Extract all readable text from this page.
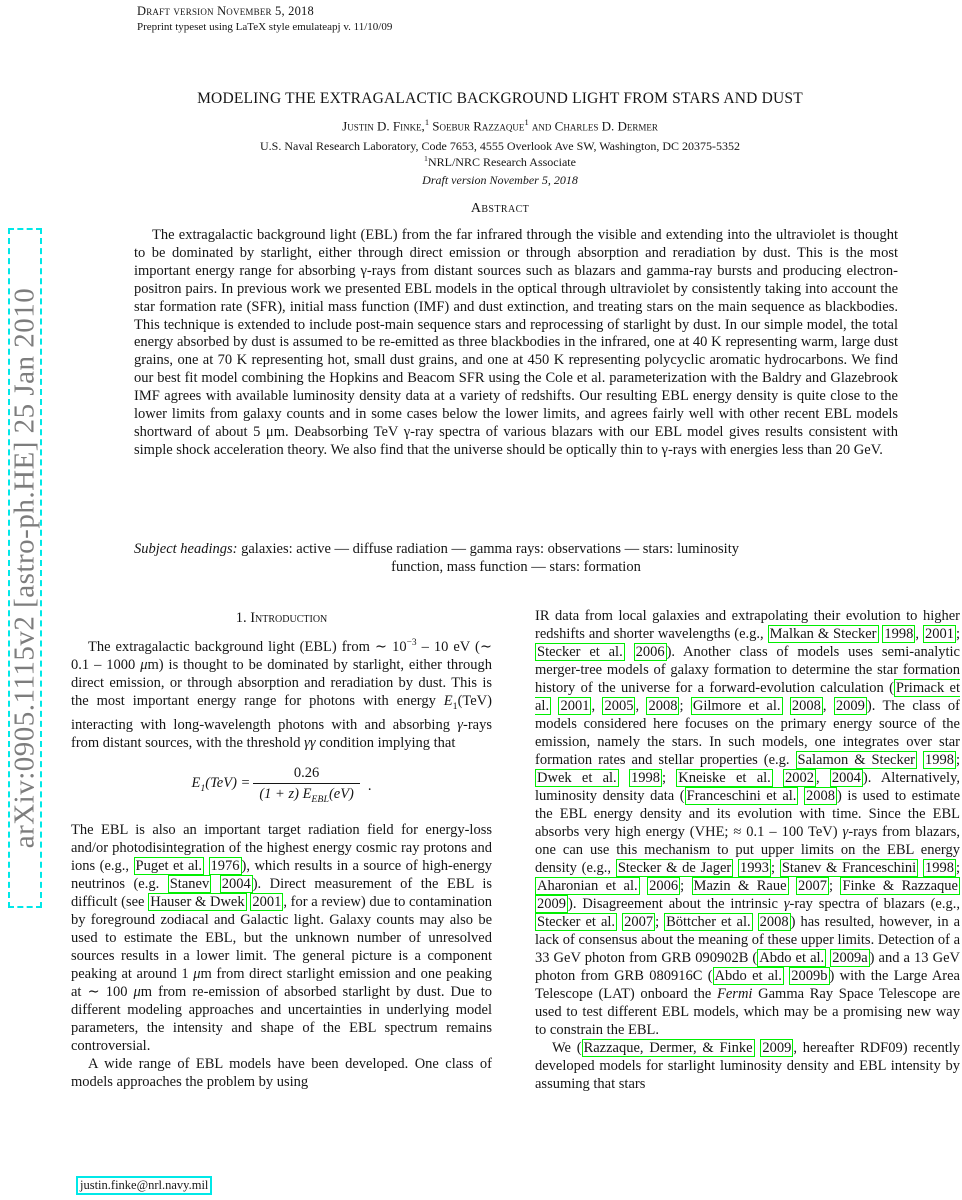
Draft version November 5, 2018
Preprint typeset using LaTeX style emulateapj v. 11/10/09
arXiv:0905.1115v2 [astro-ph.HE] 25 Jan 2010
MODELING THE EXTRAGALACTIC BACKGROUND LIGHT FROM STARS AND DUST
Justin D. Finke,$^1$ Soebur Razzaque$^1$ and Charles D. Dermer
U.S. Naval Research Laboratory, Code 7653, 4555 Overlook Ave SW, Washington, DC 20375-5352
$^1$NRL/NRC Research Associate
Draft version November 5, 2018
Abstract

The extragalactic background light (EBL) from the far infrared through the visible and extending into the ultraviolet is thought to be dominated by starlight, either through direct emission or through absorption and reradiation by dust. This is the most important energy range for absorbing γ-rays from distant sources such as blazars and gamma-ray bursts and producing electron-positron pairs. In previous work we presented EBL models in the optical through ultraviolet by consistently taking into account the star formation rate (SFR), initial mass function (IMF) and dust extinction, and treating stars on the main sequence as blackbodies. This technique is extended to include post-main sequence stars and reprocessing of starlight by dust. In our simple model, the total energy absorbed by dust is assumed to be re-emitted as three blackbodies in the infrared, one at 40 K representing warm, large dust grains, one at 70 K representing hot, small dust grains, and one at 450 K representing polycyclic aromatic hydrocarbons. We find our best fit model combining the Hopkins and Beacom SFR using the Cole et al. parameterization with the Baldry and Glazebrook IMF agrees with available luminosity density data at a variety of redshifts. Our resulting EBL energy density is quite close to the lower limits from galaxy counts and in some cases below the lower limits, and agrees fairly well with other recent EBL models shortward of about 5 μm. Deabsorbing TeV γ-ray spectra of various blazars with our EBL model gives results consistent with simple shock acceleration theory. We also find that the universe should be optically thin to γ-rays with energies less than 20 GeV.

Subject headings: galaxies: active — diffuse radiation — gamma rays: observations — stars: luminosity
function, mass function — stars: formation
1. Introduction

The extragalactic background light (EBL) from ∼ $10^{-3} - 10$ eV (∼ 0.1 – 1000 μm) is thought to be dominated by starlight, either through direct emission, or through absorption and reradiation by dust. This is the most important energy range for photons with energy $E_1(TeV)$ interacting with long-wavelength photons with and absorbing γ-rays from distant sources, with the threshold γγ condition implying that

$E_1(TeV) = \frac{0.26}{(1 + z) E_{EBL}(eV)}$ .

The EBL is also an important target radiation field for energy-loss and/or photodisintegration of the highest energy cosmic ray protons and ions (e.g., Puget et al. 1976 ), which results in a source of high-energy neutrinos (e.g. Stanev 2004 ). Direct measurement of the EBL is difficult (see Hauser & Dwek 2001 , for a review) due to contamination by foreground zodiacal and Galactic light. Galaxy counts may also be used to estimate the EBL, but the unknown number of unresolved sources results in a lower limit. The general picture is a component peaking at around 1 μm from direct starlight emission and one peaking at ∼ 100 μm from re-emission of absorbed starlight by dust. Due to different modeling approaches and uncertainties in underlying model parameters, the intensity and shape of the EBL spectrum remains controversial.

A wide range of EBL models have been developed. One class of models approaches the problem by using

IR data from local galaxies and extrapolating their evolution to higher redshifts and shorter wavelengths (e.g., Malkan & Stecker 1998 , 2001 ; Stecker et al. 2006 ). Another class of models uses semi-analytic merger-tree models of galaxy formation to determine the star formation history of the universe for a forward-evolution calculation ( Primack et al. 2001 , 2005 , 2008 ; Gilmore et al. 2008 , 2009 ). The class of models considered here focuses on the primary energy source of the emission, namely the stars. In such models, one integrates over star formation rates and stellar properties (e.g. Salamon & Stecker 1998 ; Dwek et al. 1998 ; Kneiske et al. 2002 , 2004 ). Alternatively, luminosity density data ( Franceschini et al. 2008 ) is used to estimate the EBL energy density and its evolution with time. Since the EBL absorbs very high energy (VHE; ≈ 0.1 – 100 TeV) γ-rays from blazars, one can use this mechanism to put upper limits on the EBL energy density (e.g., Stecker & de Jager 1993 ; Stanev & Franceschini 1998 ; Aharonian et al. 2006 ; Mazin & Raue 2007 ; Finke & Razzaque 2009 ). Disagreement about the intrinsic γ-ray spectra of blazars (e.g., Stecker et al. 2007 ; Böttcher et al. 2008 ) has resulted, however, in a lack of consensus about the meaning of these upper limits. Detection of a 33 GeV photon from GRB 090902B ( Abdo et al. 2009a ) and a 13 GeV photon from GRB 080916C ( Abdo et al. 2009b ) with the Large Area Telescope (LAT) onboard the Fermi Gamma Ray Space Telescope are used to test different EBL models, which may be a promising new way to constrain the EBL.

We ( Razzaque, Dermer, & Finke 2009 , hereafter RDF09) recently developed models for starlight luminosity density and EBL intensity by assuming that stars

justin.finke@nrl.navy.mil
